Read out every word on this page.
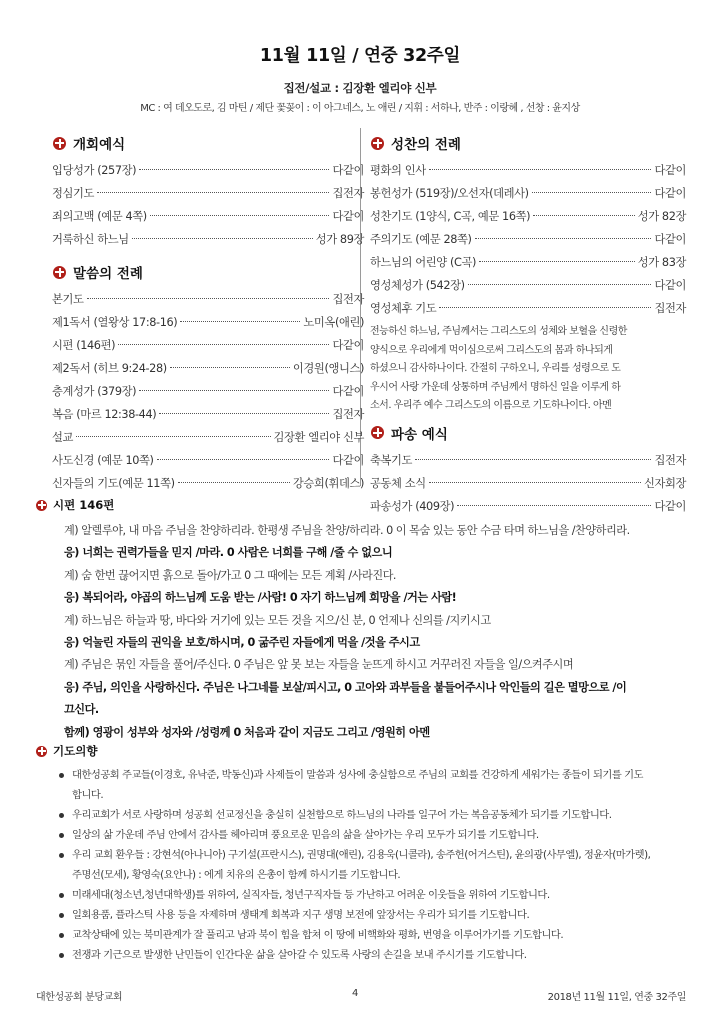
11월 11일 / 연중 32주일
집전/설교 : 김장환 엘리야 신부
MC : 여 데오도로, 김 마틴 / 제단 꽃꽂이 : 이 아그네스, 노 애린 / 지휘 : 서하나, 반주 : 이랑혜 , 선창 : 윤지상
개회예식
입당성가 (257장)	다같이
정심기도	집전자
죄의고백 (예문 4쪽)	다같이
거룩하신 하느님	성가 89장
말씀의 전례
본기도	집전자
제1독서 (열왕상 17:8-16)	노미옥(애린)
시편 (146편)	다같이
제2독서 (히브 9:24-28)	이경원(앵니스)
층계성가 (379장)	다같이
복음 (마르 12:38-44)	집전자
설교	김장환 엘리야 신부
사도신경 (예문 10쪽)	다같이
신자들의 기도(예문 11쪽)	강승희(휘데스)
성찬의 전례
평화의 인사	다같이
봉헌성가 (519장)/오선자(데레사)	다같이
성찬기도 (1양식, C곡, 예문 16쪽)	성가 82장
주의기도 (예문 28쪽)	다같이
하느님의 어린양 (C곡)	성가 83장
영성체성가 (542장)	다같이
영성체후 기도	집전자
전능하신 하느님, 주님께서는 그리스도의 성체와 보혈을 신령한
양식으로 우리에게 먹이심으로써 그리스도의 몸과 하나되게
하셨으니 감사하나이다. 간절히 구하오니, 우리를 성령으로 도
우시어 사랑 가운데 상통하며 주님께서 명하신 일을 이루게 하
소서. 우리주 예수 그리스도의 이름으로 기도하나이다. 아멘
파송 예식
축복기도	집전자
공동체 소식	신자회장
파송성가 (409장)	다같이
시편 146편
계) 알렐루야, 내 마음 주님을 찬양하리라. 한평생 주님을 찬양/하리라. 0 이 목숨 있는 동안 수금 타며 하느님을 /찬양하리라.
응) 너희는 권력가들을 믿지 /마라. 0 사람은 너희를 구해 /줄 수 없으니
계) 숨 한번 끊어지면 흙으로 돌아/가고 0 그 때에는 모든 계획 /사라진다.
응) 복되어라, 야곱의 하느님께 도움 받는 /사람! 0 자기 하느님께 희망을 /거는 사람!
계) 하느님은 하늘과 땅, 바다와 거기에 있는 모든 것을 지으/신 분, 0 언제나 신의를 /지키시고
응) 억눌린 자들의 권익을 보호/하시며, 0 굶주린 자들에게 먹을 /것을 주시고
계) 주님은 묶인 자들을 풀어/주신다. 0 주님은 앞 못 보는 자들을 눈뜨게 하시고 거꾸러진 자들을 일/으켜주시며
응) 주님, 의인을 사랑하신다. 주님은 나그네를 보살/피시고, 0 고아와 과부들을 붙들어주시나 악인들의 길은 멸망으로 /이
끄신다.
함께) 영광이 성부와 성자와 /성령께 0 처음과 같이 지금도 그리고 /영원히 아멘
기도의향
대한성공회 주교들(이경호, 유낙준, 박동신)과 사제들이 말씀과 성사에 충실함으로 주님의 교회를 건강하게 세워가는 종들이 되기를 기도
합니다.
우리교회가 서로 사랑하며 성공회 선교정신을 충실히 실천함으로 하느님의 나라를 일구어 가는 복음공동체가 되기를 기도합니다.
일상의 삶 가운데 주님 안에서 감사를 헤아리며 풍요로운 믿음의 삶을 살아가는 우리 모두가 되기를 기도합니다.
우리 교회 환우들 : 강현석(아나니아) 구기설(프란시스), 권명대(애린), 김용욱(니콜라), 송주헌(어거스틴), 윤의광(사무엘), 정윤자(마가렛),
주명선(모세), 황영숙(요안나) : 에게 치유의 은총이 함께 하시기를 기도합니다.
미래세대(청소년,청년대학생)를 위하여, 실직자들, 청년구직자들 등 가난하고 어려운 이웃들을 위하여 기도합니다.
일회용품, 플라스틱 사용 등을 자제하며 생태계 회복과 지구 생명 보전에 앞장서는 우리가 되기를 기도합니다.
교착상태에 있는 북미관계가 잘 풀리고 남과 북이 힘을 합쳐 이 땅에 비핵화와 평화, 번영을 이루어가기를 기도합니다.
전쟁과 기근으로 발생한 난민들이 인간다운 삶을 살아갈 수 있도록 사랑의 손길을 보내 주시기를 기도합니다.
대한성공회 분당교회	4	2018년 11월 11일, 연중 32주일
